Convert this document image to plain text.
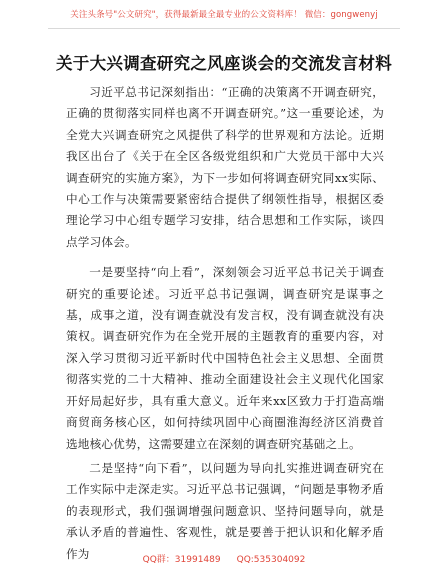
关注头条号"公文研究"，获得最新最全最专业的公文资料库！ 微信：gongwenyj
关于大兴调查研究之风座谈会的交流发言材料

习近平总书记深刻指出：“正确的决策离不开调查研究，正确的贯彻落实同样也离不开调查研究。”这一重要论述，为全党大兴调查研究之风提供了科学的世界观和方法论。近期我区出台了《关于在全区各级党组织和广大党员干部中大兴调查研究的实施方案》，为下一步如何将调查研究同xx实际、中心工作与决策需要紧密结合提供了纲领性指导，根据区委理论学习中心组专题学习安排，结合思想和工作实际，谈四点学习体会。

一是要坚持“向上看”，深刻领会习近平总书记关于调查研究的重要论述。习近平总书记强调，调查研究是谋事之基，成事之道，没有调查就没有发言权，没有调查就没有决策权。调查研究作为在全党开展的主题教育的重要内容，对深入学习贯彻习近平新时代中国特色社会主义思想、全面贯彻落实党的二十大精神、推动全面建设社会主义现代化国家开好局起好步，具有重大意义。近年来xx区致力于打造高端商贸商务核心区，如何持续巩固中心商圈淮海经济区消费首选地核心优势，这需要建立在深刻的调查研究基础之上。

二是坚持“向下看”，以问题为导向扎实推进调查研究在工作实际中走深走实。习近平总书记强调，“问题是事物矛盾的表现形式，我们强调增强问题意识、坚持问题导向，就是承认矛盾的普遍性、客观性，就是要善于把认识和化解矛盾作为	QQ群：31991489 QQ:535304092
